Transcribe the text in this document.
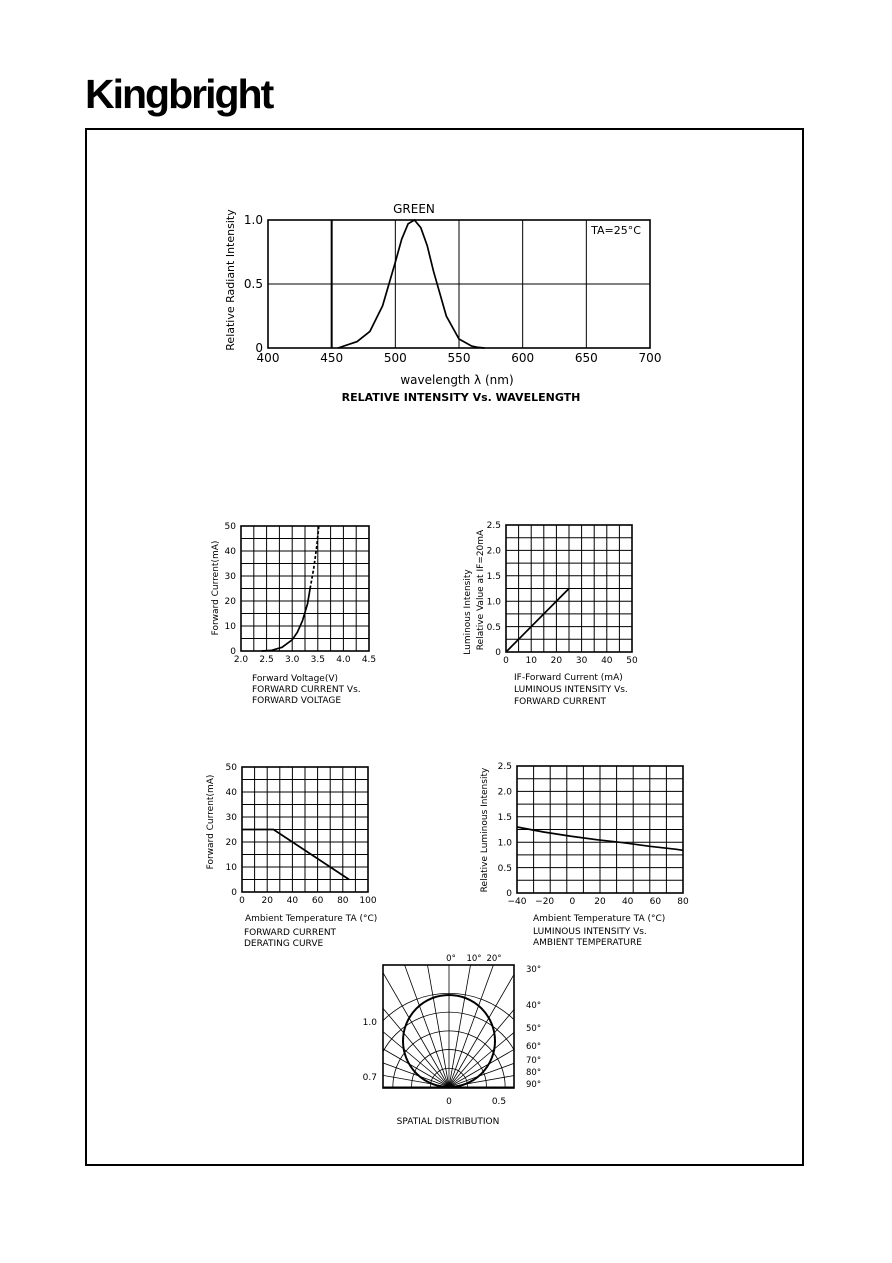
Kingbright
400	450	500	550	600	650	700
0
0.5
1.0
GREEN
TA=25°C
wavelength λ (nm)
RELATIVE INTENSITY Vs. WAVELENGTH
Relative Radiant Intensity
2.0 2.5 3.0 3.5 4.0 4.5
0
10
20
30
40
50
Forward Voltage(V)
FORWARD CURRENT Vs.
FORWARD VOLTAGE
Forward Current(mA)
0 10 20 30 40 50
0
0.5
1.0
1.5
2.0
2.5
IF-Forward Current (mA)
LUMINOUS INTENSITY Vs.
FORWARD CURRENT
Luminous Intensity Relative Value at IF=20mA
0 20 40 60 80 100
0
10
20
30
40
50
Ambient Temperature TA (°C)
FORWARD CURRENT
DERATING CURVE
Forward Current(mA)
−40 −20 0 20 40 60 80
0
0.5
1.0
1.5
2.0
2.5
Ambient Temperature TA (°C)
LUMINOUS INTENSITY Vs.
AMBIENT TEMPERATURE
Relative Luminous Intensity
0° 10° 20°
30°
40°
50°
60°
70°
80°
90°
1.0
0.7
0	0.5
SPATIAL DISTRIBUTION
